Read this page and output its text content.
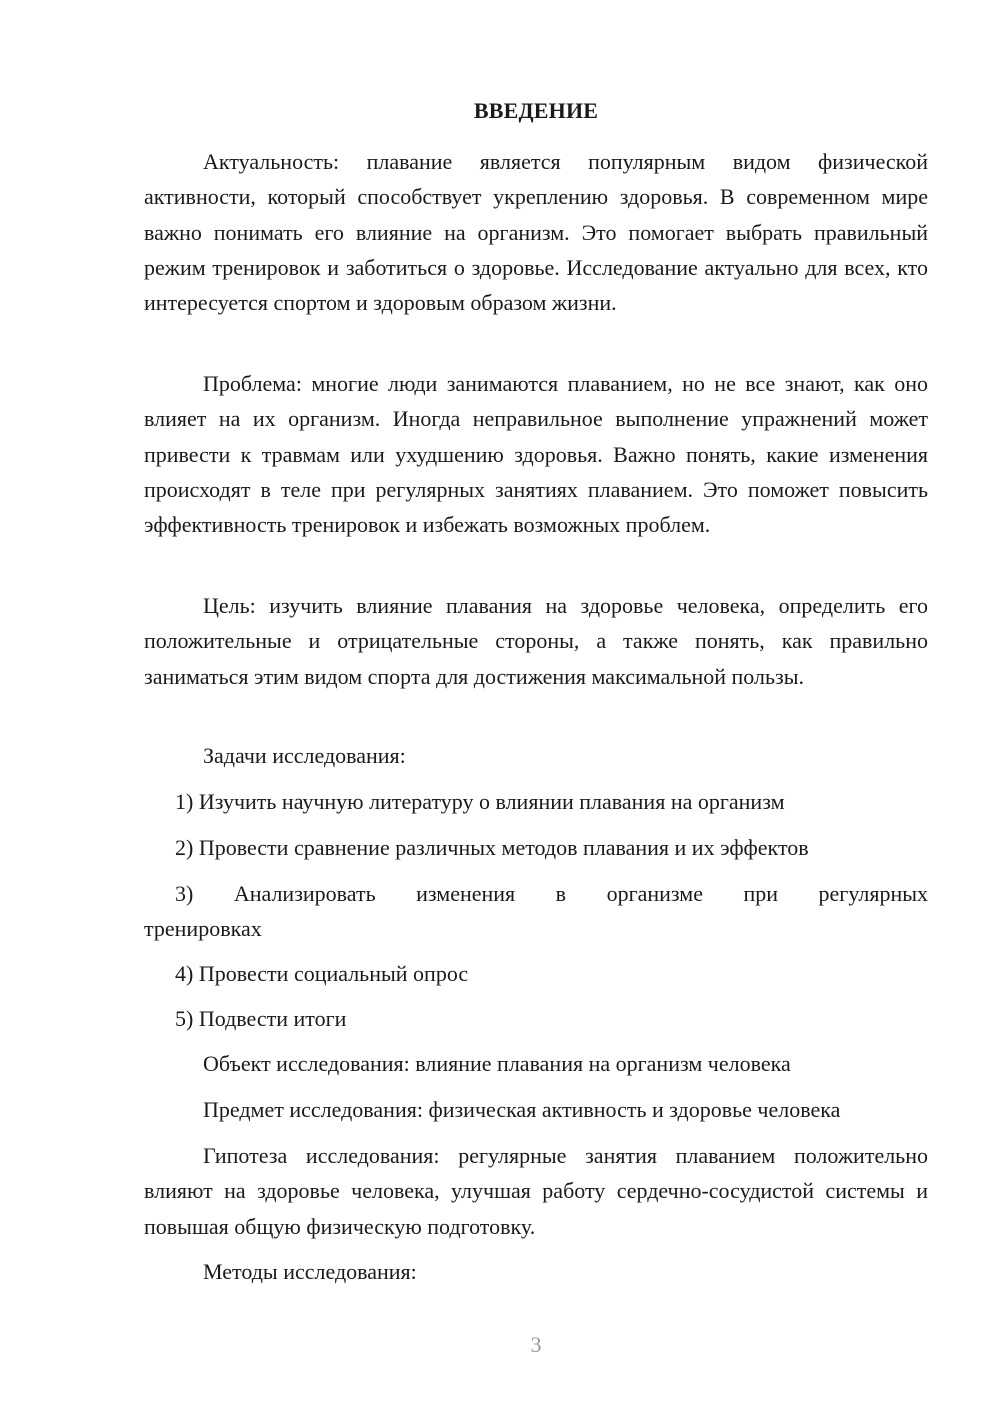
ВВЕДЕНИЕ

Актуальность: плавание является популярным видом физической активности, который способствует укреплению здоровья. В современном мире важно понимать его влияние на организм. Это помогает выбрать правильный режим тренировок и заботиться о здоровье. Исследование актуально для всех, кто интересуется спортом и здоровым образом жизни.

Проблема: многие люди занимаются плаванием, но не все знают, как оно влияет на их организм. Иногда неправильное выполнение упражнений может привести к травмам или ухудшению здоровья. Важно понять, какие изменения происходят в теле при регулярных занятиях плаванием. Это поможет повысить эффективность тренировок и избежать возможных проблем.

Цель: изучить влияние плавания на здоровье человека, определить его положительные и отрицательные стороны, а также понять, как правильно заниматься этим видом спорта для достижения максимальной пользы.

Задачи исследования:

1) Изучить научную литературу о влиянии плавания на организм

2) Провести сравнение различных методов плавания и их эффектов

3) Анализировать изменения в организме при регулярных
тренировках

4) Провести социальный опрос

5) Подвести итоги

Объект исследования: влияние плавания на организм человека

Предмет исследования: физическая активность и здоровье человека

Гипотеза исследования: регулярные занятия плаванием положительно влияют на здоровье человека, улучшая работу сердечно-сосудистой системы и повышая общую физическую подготовку.

Методы исследования:

3
